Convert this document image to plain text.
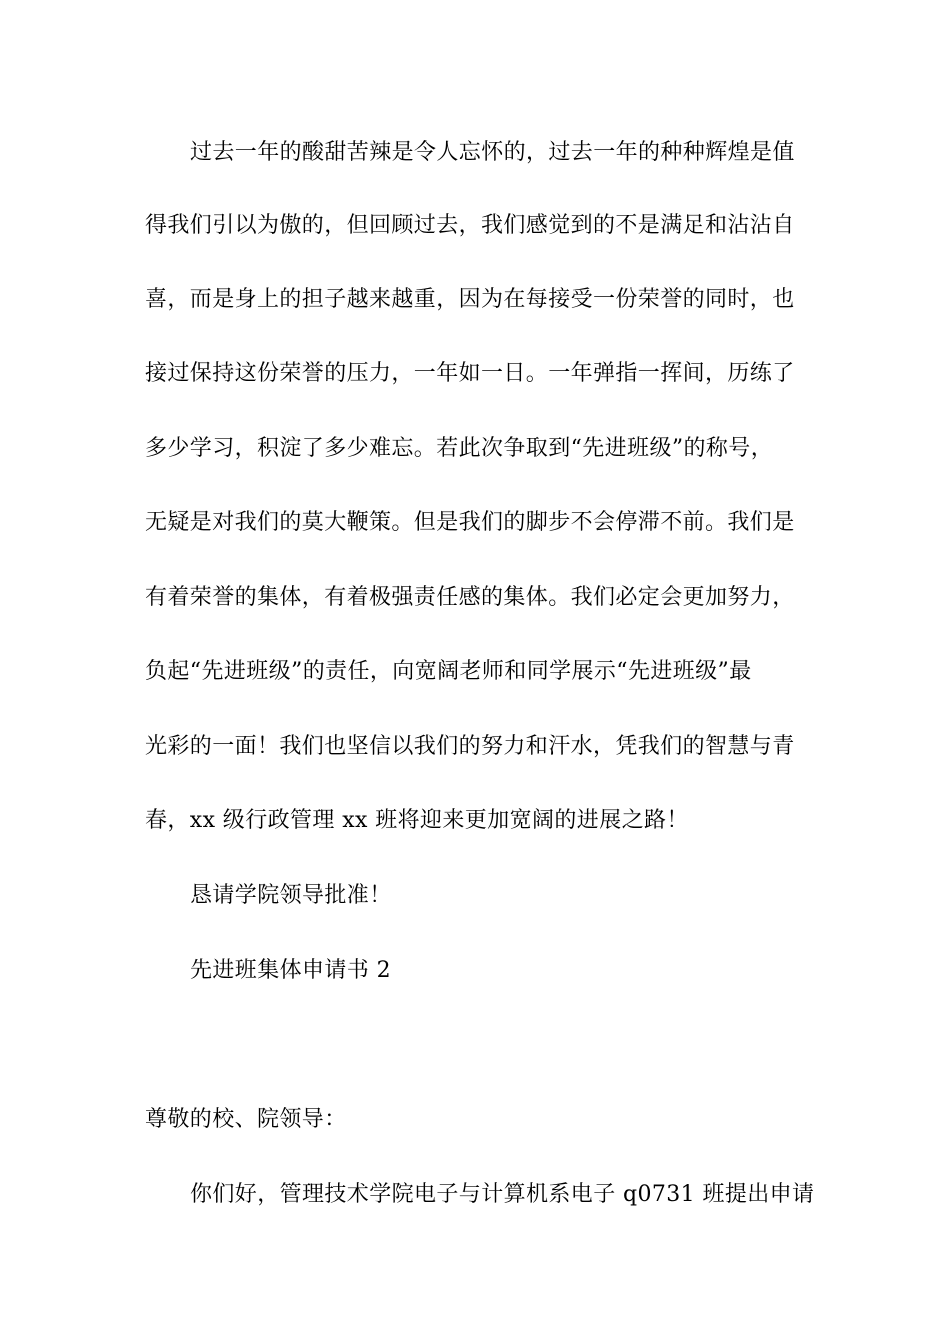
过去一年的酸甜苦辣是令人忘怀的，过去一年的种种辉煌是值
得我们引以为傲的，但回顾过去，我们感觉到的不是满足和沾沾自
喜，而是身上的担子越来越重，因为在每接受一份荣誉的同时，也
接过保持这份荣誉的压力，一年如一日。一年弹指一挥间，历练了
多少学习，积淀了多少难忘。若此次争取到“先进班级”的称号，
无疑是对我们的莫大鞭策。但是我们的脚步不会停滞不前。我们是
有着荣誉的集体，有着极强责任感的集体。我们必定会更加努力，
负起“先进班级”的责任，向宽阔老师和同学展示“先进班级”最
光彩的一面！我们也坚信以我们的努力和汗水，凭我们的智慧与青
春，xx 级行政管理 xx 班将迎来更加宽阔的进展之路！
恳请学院领导批准！
先进班集体申请书 2
尊敬的校、院领导：
你们好，管理技术学院电子与计算机系电子 q0731 班提出申请
